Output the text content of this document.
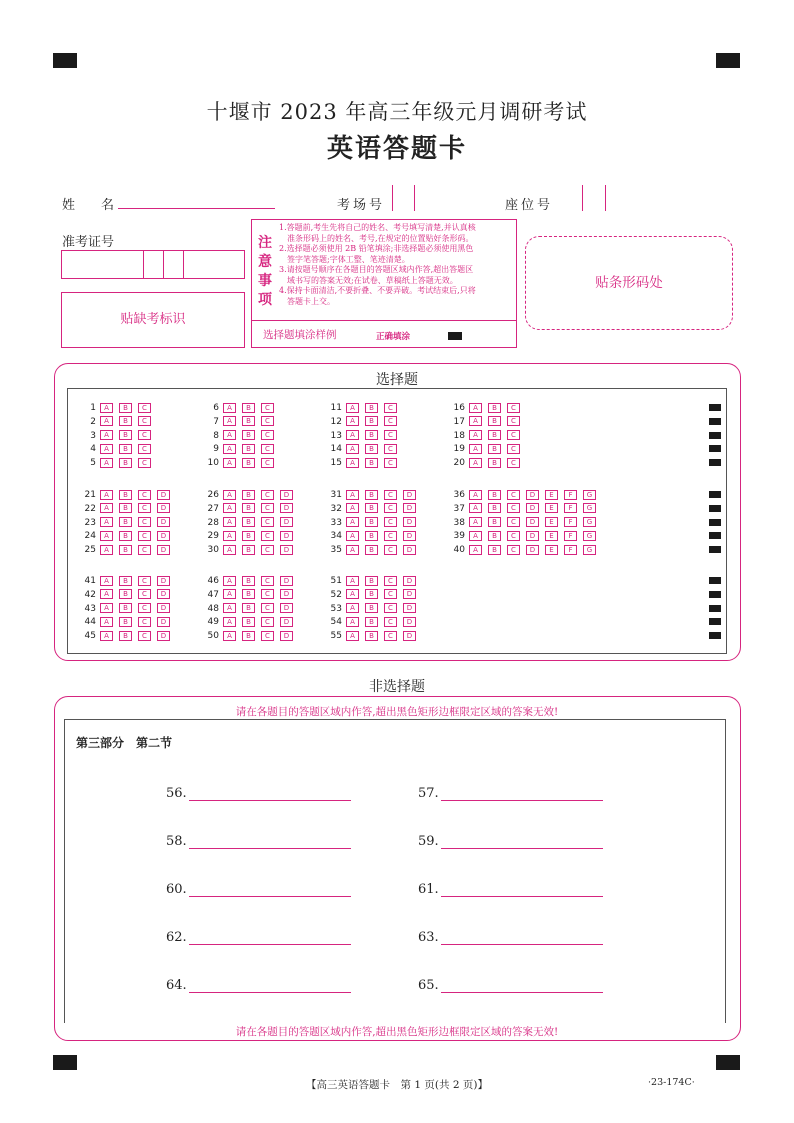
十堰市 2023 年高三年级元月调研考试
英语答题卡
姓　　名	考场号	座位号
准考证号
贴缺考标识
注
意
事
项
1.答题前,考生先将自己的姓名、考号填写清楚,并认真核
　准条形码上的姓名、考号,在规定的位置贴好条形码。
2.选择题必须使用 2B 铅笔填涂;非选择题必须使用黑色
　签字笔答题;字体工整、笔迹清楚。
3.请按题号顺序在各题目的答题区域内作答,超出答题区
　域书写的答案无效;在试卷、草稿纸上答题无效。
4.保持卡面清洁,不要折叠、不要弄破。考试结束后,只将
　答题卡上交。
选择题填涂样例	正确填涂
贴条形码处
选择题
1 A B C
2 A B C
3 A B C
4 A B C
5 A B C
6 A B C
7 A B C
8 A B C
9 A B C
10 A B C
11 A B C
12 A B C
13 A B C
14 A B C
15 A B C
16 A B C
17 A B C
18 A B C
19 A B C
20 A B C
21 A B C D
22 A B C D
23 A B C D
24 A B C D
25 A B C D
26 A B C D
27 A B C D
28 A B C D
29 A B C D
30 A B C D
31 A B C D
32 A B C D
33 A B C D
34 A B C D
35 A B C D
36 A B C D E F G
37 A B C D E F G
38 A B C D E F G
39 A B C D E F G
40 A B C D E F G
41 A B C D
42 A B C D
43 A B C D
44 A B C D
45 A B C D
46 A B C D
47 A B C D
48 A B C D
49 A B C D
50 A B C D
51 A B C D
52 A B C D
53 A B C D
54 A B C D
55 A B C D
非选择题
请在各题目的答题区域内作答,超出黑色矩形边框限定区域的答案无效!
第三部分　第二节
56.	57.
58.	59.
60.	61.
62.	63.
64.	65.
请在各题目的答题区域内作答,超出黑色矩形边框限定区域的答案无效!
【高三英语答题卡　第 1 页(共 2 页)】	·23-174C·
